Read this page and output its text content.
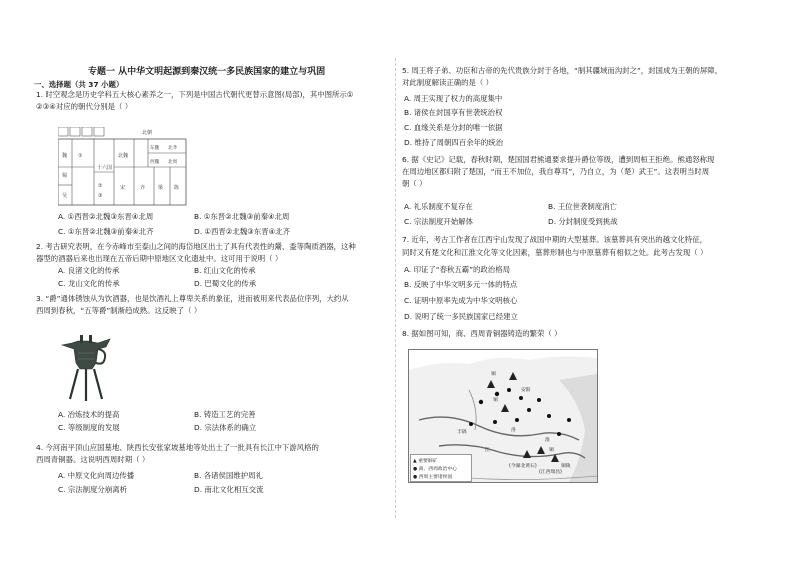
专题一 从中华文明起源到秦汉统一多民族国家的建立与巩固
一、选择题（共 37 小题）
1. 时空观念是历史学科五大核心素养之一，下列是中国古代朝代更替示意图(局部)，其中图所示①
②③④对应的朝代分别是（ ）
北朝
魏
蜀
吴
十六国
北魏
东魏 北齐
西魏 北周
宋	齐	梁 陈
①
②
③
A. ①西晋②北魏③东晋④北周	B. ①东晋②北魏③前秦④北周
C. ①东晋②北魏③前秦④北齐	D. ①西晋②北魏③东晋④北齐
2. 考古研究表明，在今赤峰市至泰山之间的海岱地区出土了具有代表性的鬶、盉等陶质酒器，这种
器型的酒器后来也出现在五帝后期中原地区文化遗址中。这可用于说明（ ）
A. 良渚文化的传承	B. 红山文化的传承
C. 龙山文化的传承	D. 巴蜀文化的传承
3. “爵”通体锈蚀从为饮酒器，也是饮酒礼上尊卑关系的象征，进而被用来代表品位序列，大约从
西周到春秋，“五等爵”制渐趋成熟。这反映了（ ）
A. 冶炼技术的提高	B. 铸造工艺的完善
C. 等级制度的发展	D. 宗法体系的确立
4. 今河南平顶山应国墓地、陕西长安张家坡墓地等处出土了一批具有长江中下游风格的
西周青铜器。这说明西周时期（ ）
A. 中原文化向周边传播	B. 各诸侯国维护周礼
C. 宗法制度分崩离析	D. 南北文化相互交流
5. 周王将子弟、功臣和古帝的先代贵族分封于各地，“制其疆域而沟封之”，封国成为王朝的屏障，
对此制度解读正确的是（ ）
A. 周王实现了权力的高度集中
B. 诸侯在封国享有世袭统治权
C. 血缘关系是分封的唯一依据
D. 维持了周朝四百余年的统治
6. 据《史记》记载，春秋时期，楚国国君熊通要求提升爵位等级，遭到周桓王拒绝。熊通怒称现
在周边地区都归附了楚国，“而王不加位，我自尊耳”，乃自立，为（楚）武王”。这表明当时周
朝（ ）
A. 礼乐制度不复存在	B. 王位世袭制度消亡
C. 宗法制度开始解体	D. 分封制度受到挑战
7. 近年，考古工作者在江西宇山发现了战国中期的大型墓葬。该墓葬具有突出的越文化特征，
同时又有楚文化和江淮文化等文化因素，墓葬形制也与中原墓葬有相似之处。此考古发现（ ）
A. 印证了“春秋五霸”的政治格局
B. 反映了中华文明多元一体的特点
C. 证明中原率先成为中华文明核心
D. 说明了统一多民族国家已经建立
8. 据如图可知，商、西周青铜器铸造的繁荣（ ）
铜
铜
安阳
丰镐	洛
淮
江	铜
(今湖北黄石)
(江西瑞昌)
铜陵
▲ 重要铜矿
● 商、西周政治中心
● 西周主要诸侯国
